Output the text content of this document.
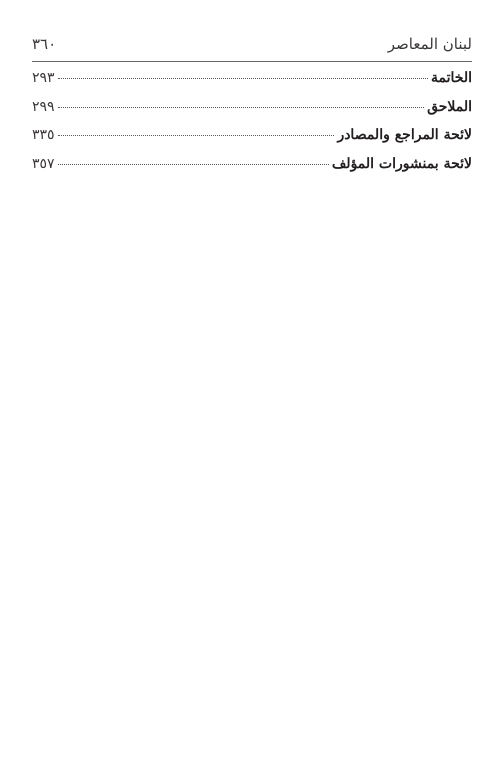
لبنان المعاصر
٣٦٠
الخاتمة
٢٩٣
الملاحق
٢٩٩
لائحة المراجع والمصادر
٣٣٥
لائحة بمنشورات المؤلف
٣٥٧
